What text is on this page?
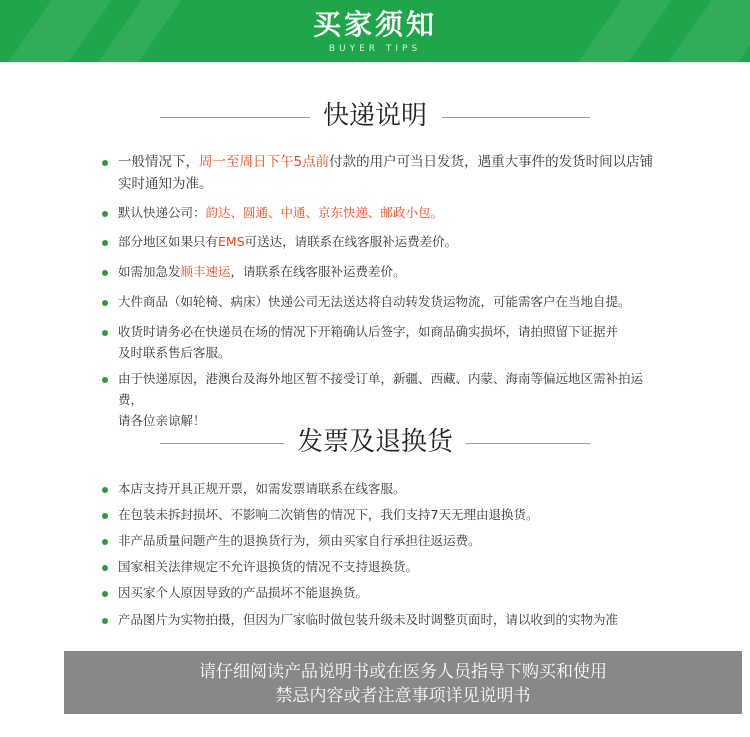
买家须知
BUYER TIPS
快递说明
一般情况下，周一至周日下午5点前付款的用户可当日发货，遇重大事件的发货时间以店铺
实时通知为准。
默认快递公司：韵达、圆通、中通、京东快递、邮政小包。
部分地区如果只有EMS可送达，请联系在线客服补运费差价。
如需加急发顺丰速运，请联系在线客服补运费差价。
大件商品（如轮椅、病床）快递公司无法送达将自动转发货运物流，可能需客户在当地自提。
收货时请务必在快递员在场的情况下开箱确认后签字，如商品确实损坏，请拍照留下证据并
及时联系售后客服。
由于快递原因，港澳台及海外地区暂不接受订单，新疆、西藏、内蒙、海南等偏远地区需补拍运费，
请各位亲谅解！
发票及退换货
本店支持开具正规开票，如需发票请联系在线客服。
在包装未拆封损坏、不影响二次销售的情况下，我们支持7天无理由退换货。
非产品质量问题产生的退换货行为，须由买家自行承担往返运费。
国家相关法律规定不允许退换货的情况不支持退换货。
因买家个人原因导致的产品损坏不能退换货。
产品图片为实物拍摄，但因为厂家临时做包装升级未及时调整页面时，请以收到的实物为准
请仔细阅读产品说明书或在医务人员指导下购买和使用
禁忌内容或者注意事项详见说明书
